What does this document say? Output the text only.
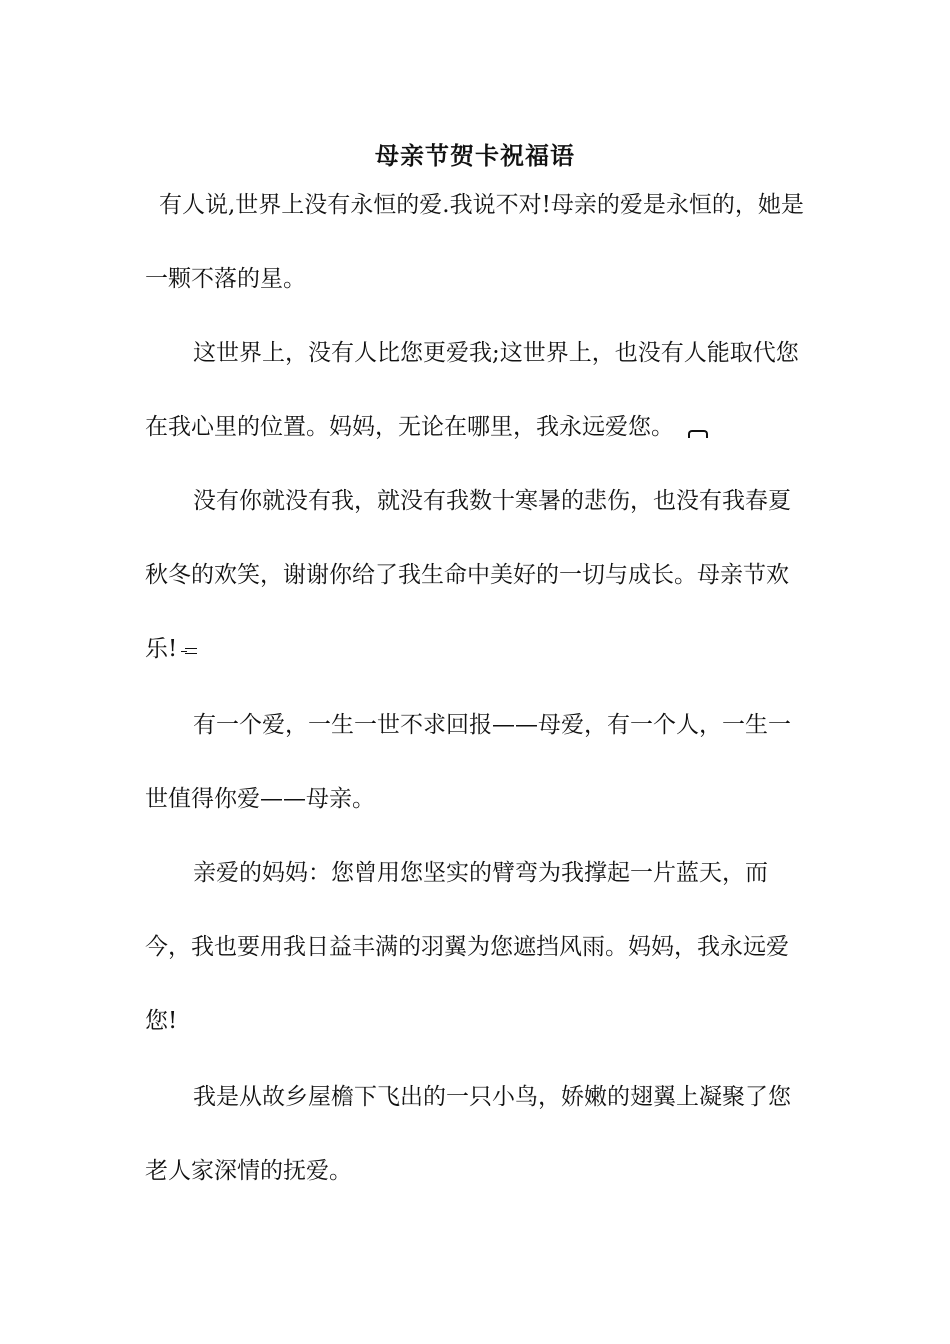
母亲节贺卡祝福语

有人说,世界上没有永恒的爱.我说不对!母亲的爱是永恒的，她是一颗不落的星。

这世界上，没有人比您更爱我;这世界上，也没有人能取代您在我心里的位置。妈妈，无论在哪里，我永远爱您。

没有你就没有我，就没有我数十寒暑的悲伤，也没有我春夏秋冬的欢笑，谢谢你给了我生命中美好的一切与成长。母亲节欢乐!

有一个爱，一生一世不求回报——母爱，有一个人，一生一世值得你爱——母亲。

亲爱的妈妈：您曾用您坚实的臂弯为我撑起一片蓝天，而今，我也要用我日益丰满的羽翼为您遮挡风雨。妈妈，我永远爱您!

我是从故乡屋檐下飞出的一只小鸟，娇嫩的翅翼上凝聚了您老人家深情的抚爱。
